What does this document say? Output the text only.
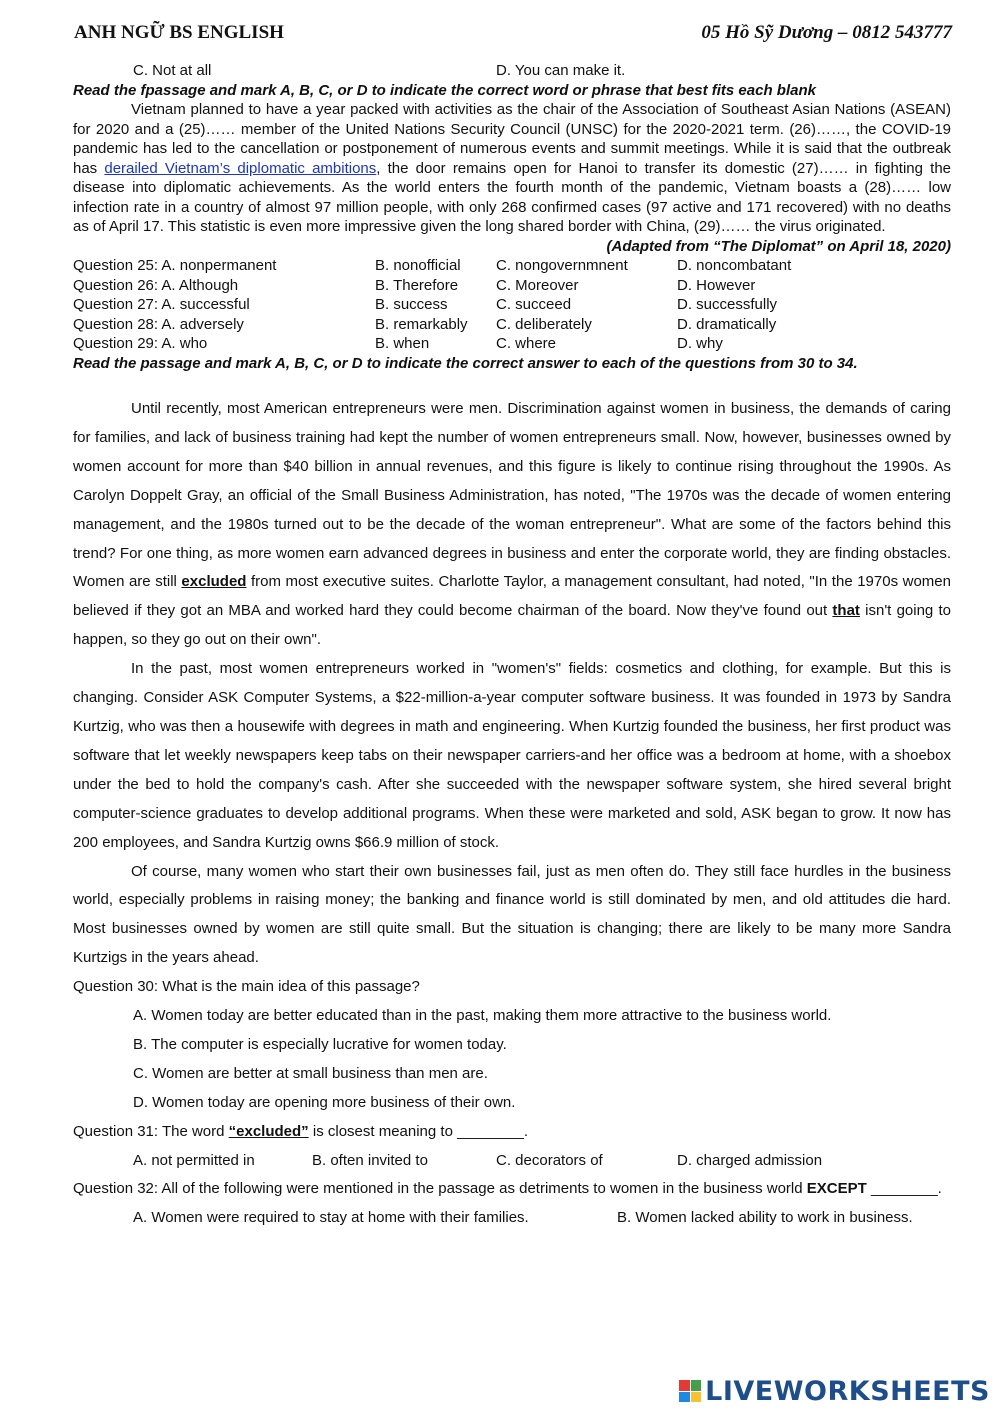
ANH NGỮ BS ENGLISH	05 Hồ Sỹ Dương – 0812 543777
C. Not at all	D. You can make it.
Read the fpassage and mark A, B, C, or D to indicate the correct word or phrase that best fits each blank
Vietnam planned to have a year packed with activities as the chair of the Association of Southeast Asian Nations (ASEAN) for 2020 and a (25)…… member of the United Nations Security Council (UNSC) for the 2020-2021 term. (26)……, the COVID-19 pandemic has led to the cancellation or postponement of numerous events and summit meetings. While it is said that the outbreak has derailed Vietnam’s diplomatic ambitions, the door remains open for Hanoi to transfer its domestic (27)…… in fighting the disease into diplomatic achievements. As the world enters the fourth month of the pandemic, Vietnam boasts a (28)…… low infection rate in a country of almost 97 million people, with only 268 confirmed cases (97 active and 171 recovered) with no deaths as of April 17. This statistic is even more impressive given the long shared border with China, (29)…… the virus originated.
(Adapted from “The Diplomat” on April 18, 2020)
Question 25: A. nonpermanent	B. nonofficial C. nongovernmnent	D. noncombatant
Question 26: A. Although	B. Therefore	C. Moreover	D. However
Question 27: A. successful	B. success	C. succeed	D. successfully
Question 28: A. adversely	B. remarkably C. deliberately	D. dramatically
Question 29: A. who	B. when	C. where	D. why
Read the passage and mark A, B, C, or D to indicate the correct answer to each of the questions from 30 to 34.

Until recently, most American entrepreneurs were men. Discrimination against women in business, the demands of caring for families, and lack of business training had kept the number of women entrepreneurs small. Now, however, businesses owned by women account for more than $40 billion in annual revenues, and this figure is likely to continue rising throughout the 1990s. As Carolyn Doppelt Gray, an official of the Small Business Administration, has noted, "The 1970s was the decade of women entering management, and the 1980s turned out to be the decade of the woman entrepreneur". What are some of the factors behind this trend? For one thing, as more women earn advanced degrees in business and enter the corporate world, they are finding obstacles. Women are still excluded from most executive suites. Charlotte Taylor, a management consultant, had noted, "In the 1970s women believed if they got an MBA and worked hard they could become chairman of the board. Now they've found out that isn't going to happen, so they go out on their own".

In the past, most women entrepreneurs worked in "women's" fields: cosmetics and clothing, for example. But this is changing. Consider ASK Computer Systems, a $22-million-a-year computer software business. It was founded in 1973 by Sandra Kurtzig, who was then a housewife with degrees in math and engineering. When Kurtzig founded the business, her first product was software that let weekly newspapers keep tabs on their newspaper carriers-and her office was a bedroom at home, with a shoebox under the bed to hold the company's cash. After she succeeded with the newspaper software system, she hired several bright computer-science graduates to develop additional programs. When these were marketed and sold, ASK began to grow. It now has 200 employees, and Sandra Kurtzig owns $66.9 million of stock.

Of course, many women who start their own businesses fail, just as men often do. They still face hurdles in the business world, especially problems in raising money; the banking and finance world is still dominated by men, and old attitudes die hard. Most businesses owned by women are still quite small. But the situation is changing; there are likely to be many more Sandra Kurtzigs in the years ahead.

Question 30: What is the main idea of this passage?

A. Women today are better educated than in the past, making them more attractive to the business world.

B. The computer is especially lucrative for women today.

C. Women are better at small business than men are.

D. Women today are opening more business of their own.

Question 31: The word “excluded” is closest meaning to ________.

A. not permitted in	B. often invited to	C. decorators of	D. charged admission

Question 32: All of the following were mentioned in the passage as detriments to women in the business world EXCEPT ________.

A. Women were required to stay at home with their families.	B. Women lacked ability to work in business.
LIVEWORKSHEETS
